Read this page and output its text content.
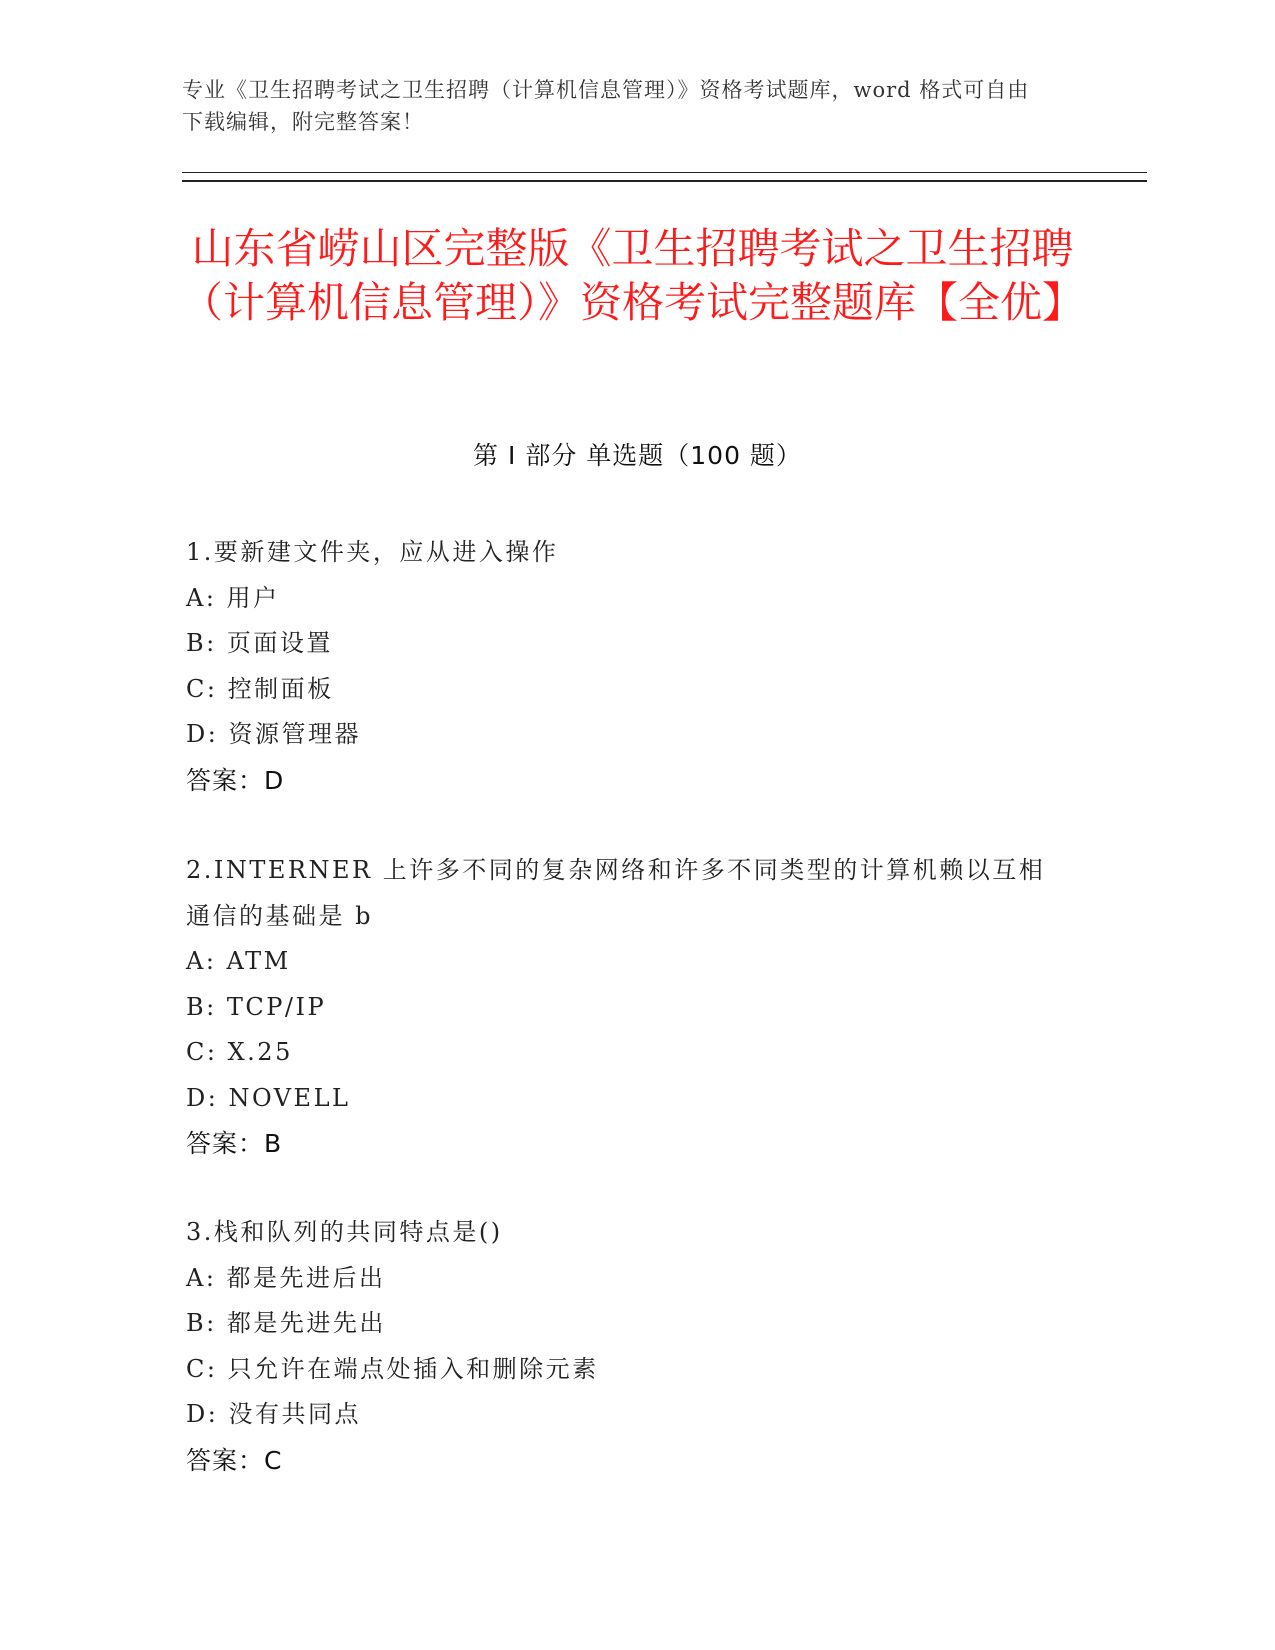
专业《卫生招聘考试之卫生招聘（计算机信息管理）》资格考试题库，word 格式可自由下载编辑，附完整答案！
山东省崂山区完整版《卫生招聘考试之卫生招聘（计算机信息管理）》资格考试完整题库【全优】
第 I 部分 单选题（100 题）
1.要新建文件夹，应从进入操作
A: 用户
B: 页面设置
C: 控制面板
D: 资源管理器
答案：D
2.INTERNER 上许多不同的复杂网络和许多不同类型的计算机赖以互相通信的基础是 b
A: ATM
B: TCP/IP
C: X.25
D: NOVELL
答案：B
3.栈和队列的共同特点是()
A: 都是先进后出
B: 都是先进先出
C: 只允许在端点处插入和删除元素
D: 没有共同点
答案：C
